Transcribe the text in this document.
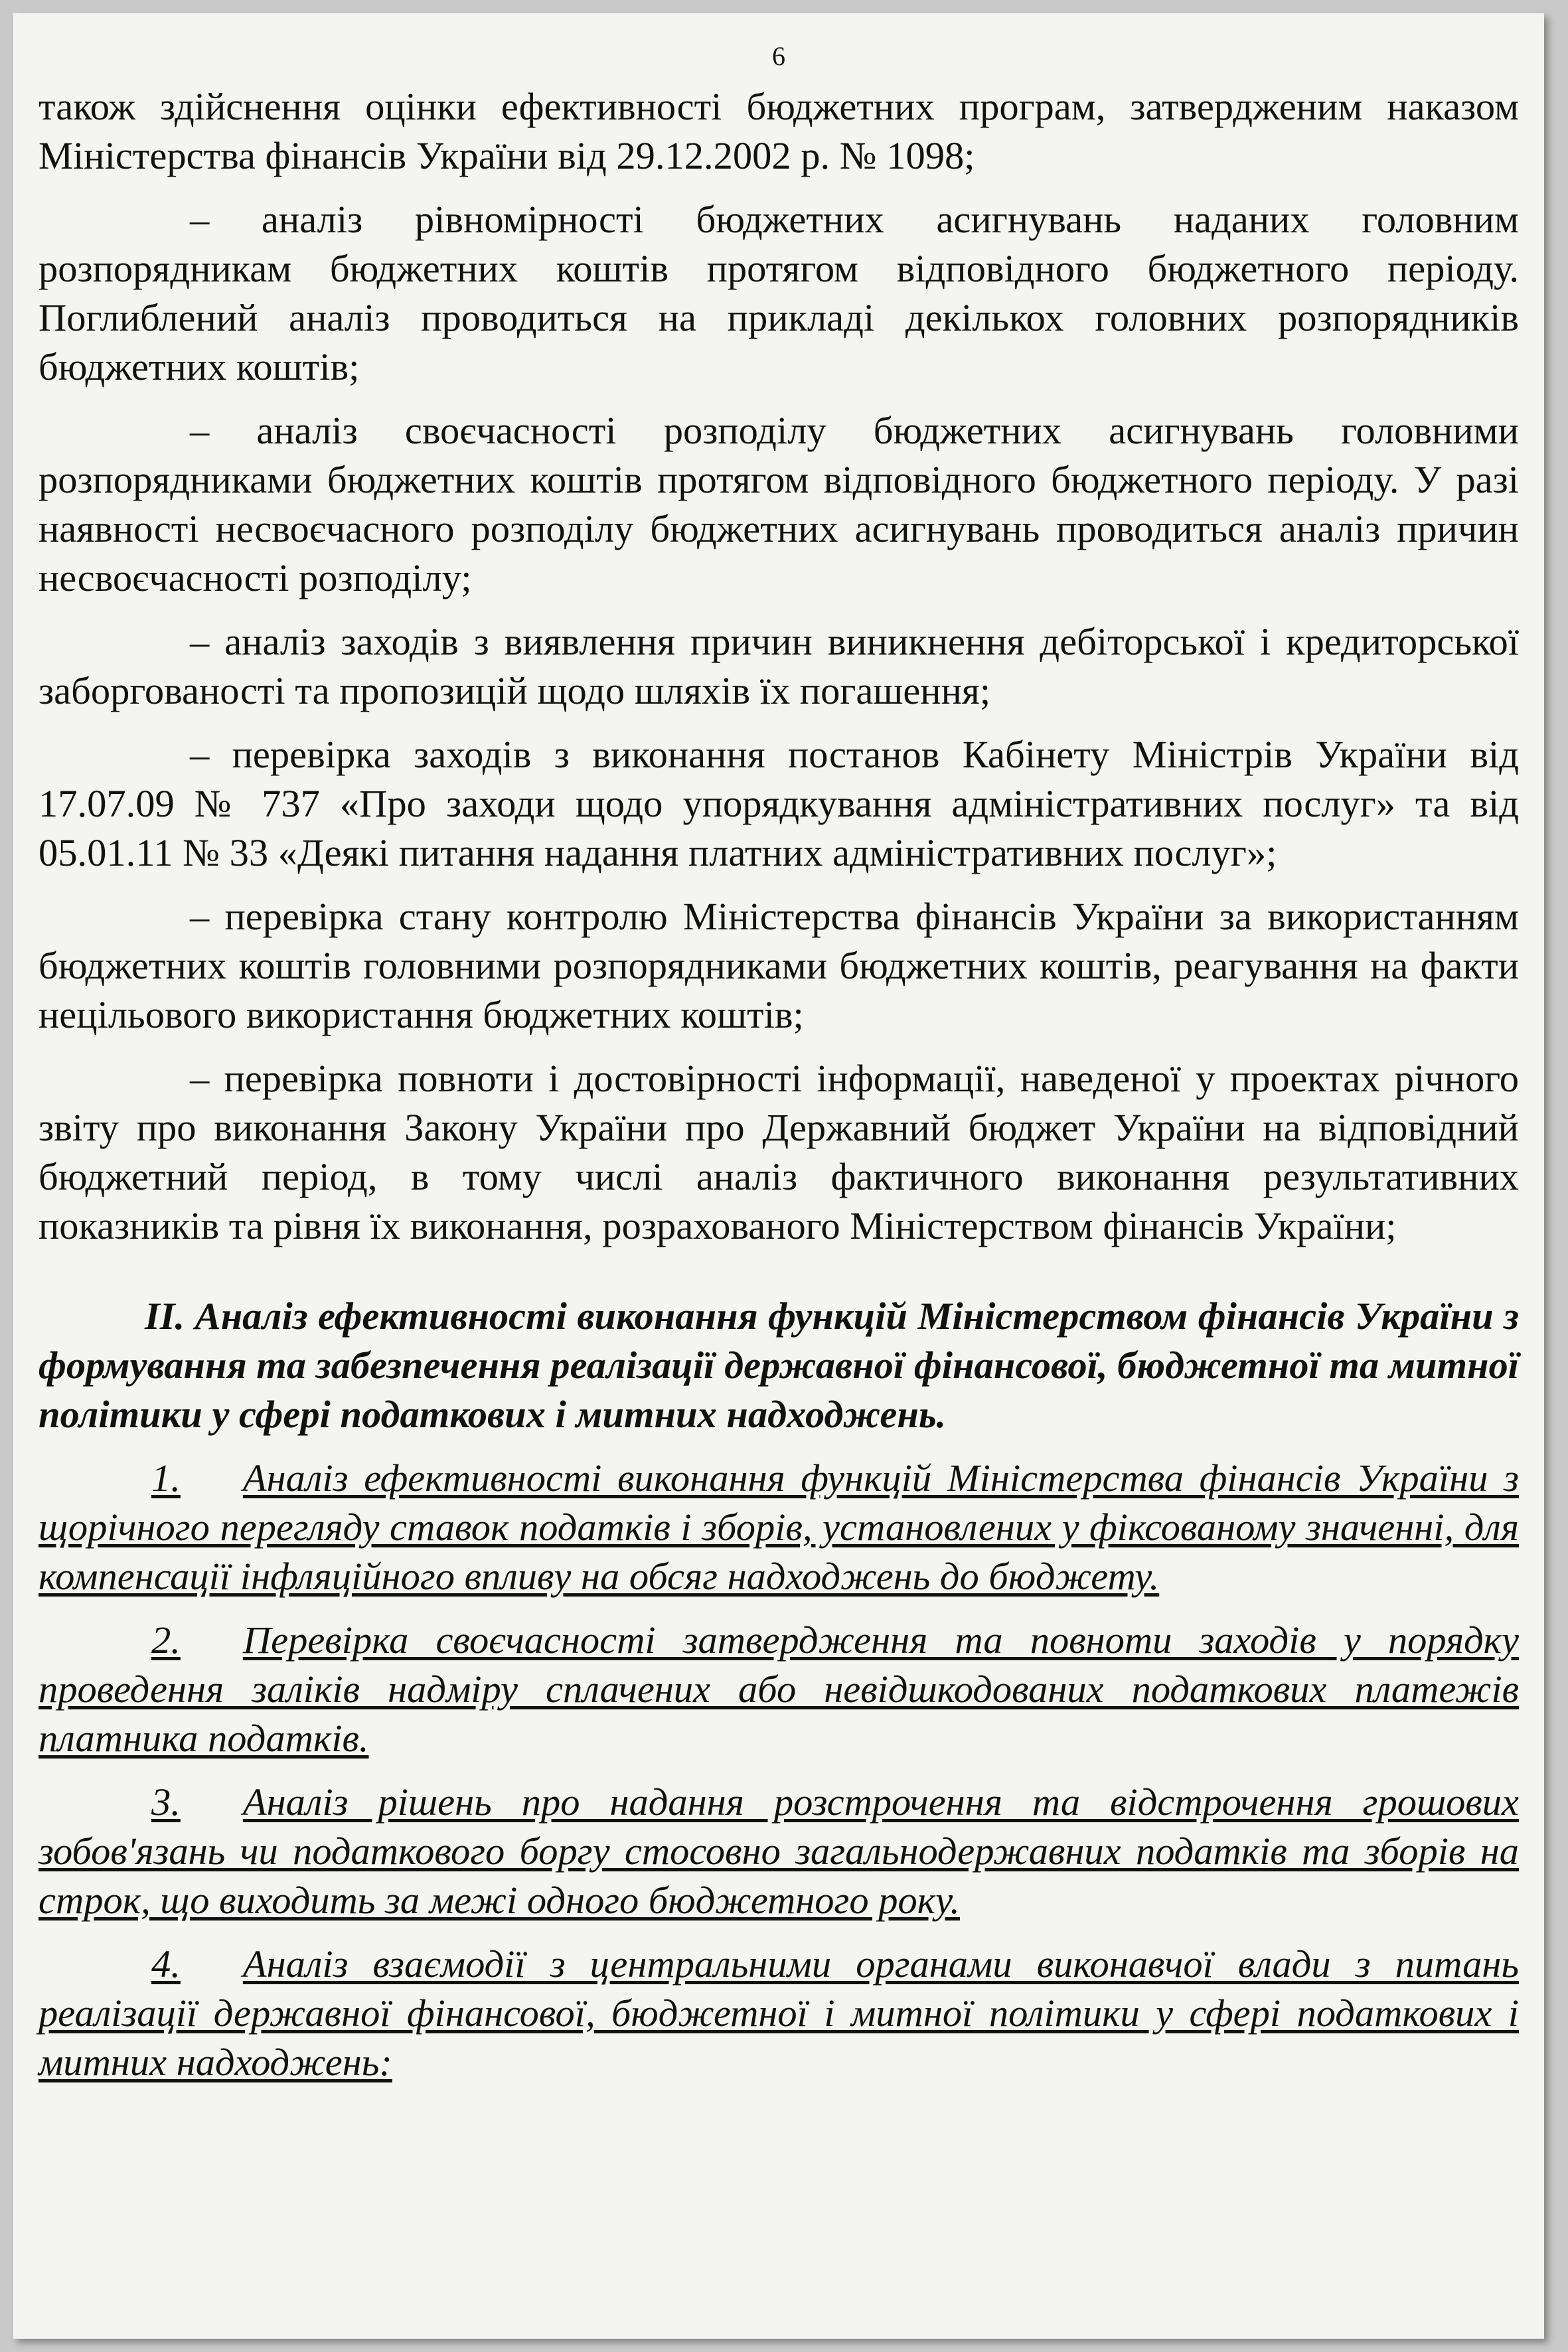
6

також здійснення оцінки ефективності бюджетних програм, затвердженим наказом Міністерства фінансів України від 29.12.2002 р. № 1098;

– аналіз рівномірності бюджетних асигнувань наданих головним розпорядникам бюджетних коштів протягом відповідного бюджетного періоду. Поглиблений аналіз проводиться на прикладі декількох головних розпорядників бюджетних коштів;

– аналіз своєчасності розподілу бюджетних асигнувань головними розпорядниками бюджетних коштів протягом відповідного бюджетного періоду. У разі наявності несвоєчасного розподілу бюджетних асигнувань проводиться аналіз причин несвоєчасності розподілу;

– аналіз заходів з виявлення причин виникнення дебіторської і кредиторської заборгованості та пропозицій щодо шляхів їх погашення;

– перевірка заходів з виконання постанов Кабінету Міністрів України від 17.07.09 № 737 «Про заходи щодо упорядкування адміністративних послуг» та від 05.01.11 № 33 «Деякі питання надання платних адміністративних послуг»;

– перевірка стану контролю Міністерства фінансів України за використанням бюджетних коштів головними розпорядниками бюджетних коштів, реагування на факти нецільового використання бюджетних коштів;

– перевірка повноти і достовірності інформації, наведеної у проектах річного звіту про виконання Закону України про Державний бюджет України на відповідний бюджетний період, в тому числі аналіз фактичного виконання результативних показників та рівня їх виконання, розрахованого Міністерством фінансів України;

II. Аналіз ефективності виконання функцій Міністерством фінансів України з формування та забезпечення реалізації державної фінансової, бюджетної та митної політики у сфері податкових і митних надходжень.

1. Аналіз ефективності виконання функцій Міністерства фінансів України з щорічного перегляду ставок податків і зборів, установлених у фіксованому значенні, для компенсації інфляційного впливу на обсяг надходжень до бюджету.

2. Перевірка своєчасності затвердження та повноти заходів у порядку проведення заліків надміру сплачених або невідшкодованих податкових платежів платника податків.

3. Аналіз рішень про надання розстрочення та відстрочення грошових зобов'язань чи податкового боргу стосовно загальнодержавних податків та зборів на строк, що виходить за межі одного бюджетного року.

4. Аналіз взаємодії з центральними органами виконавчої влади з питань реалізації державної фінансової, бюджетної і митної політики у сфері податкових і митних надходжень:
